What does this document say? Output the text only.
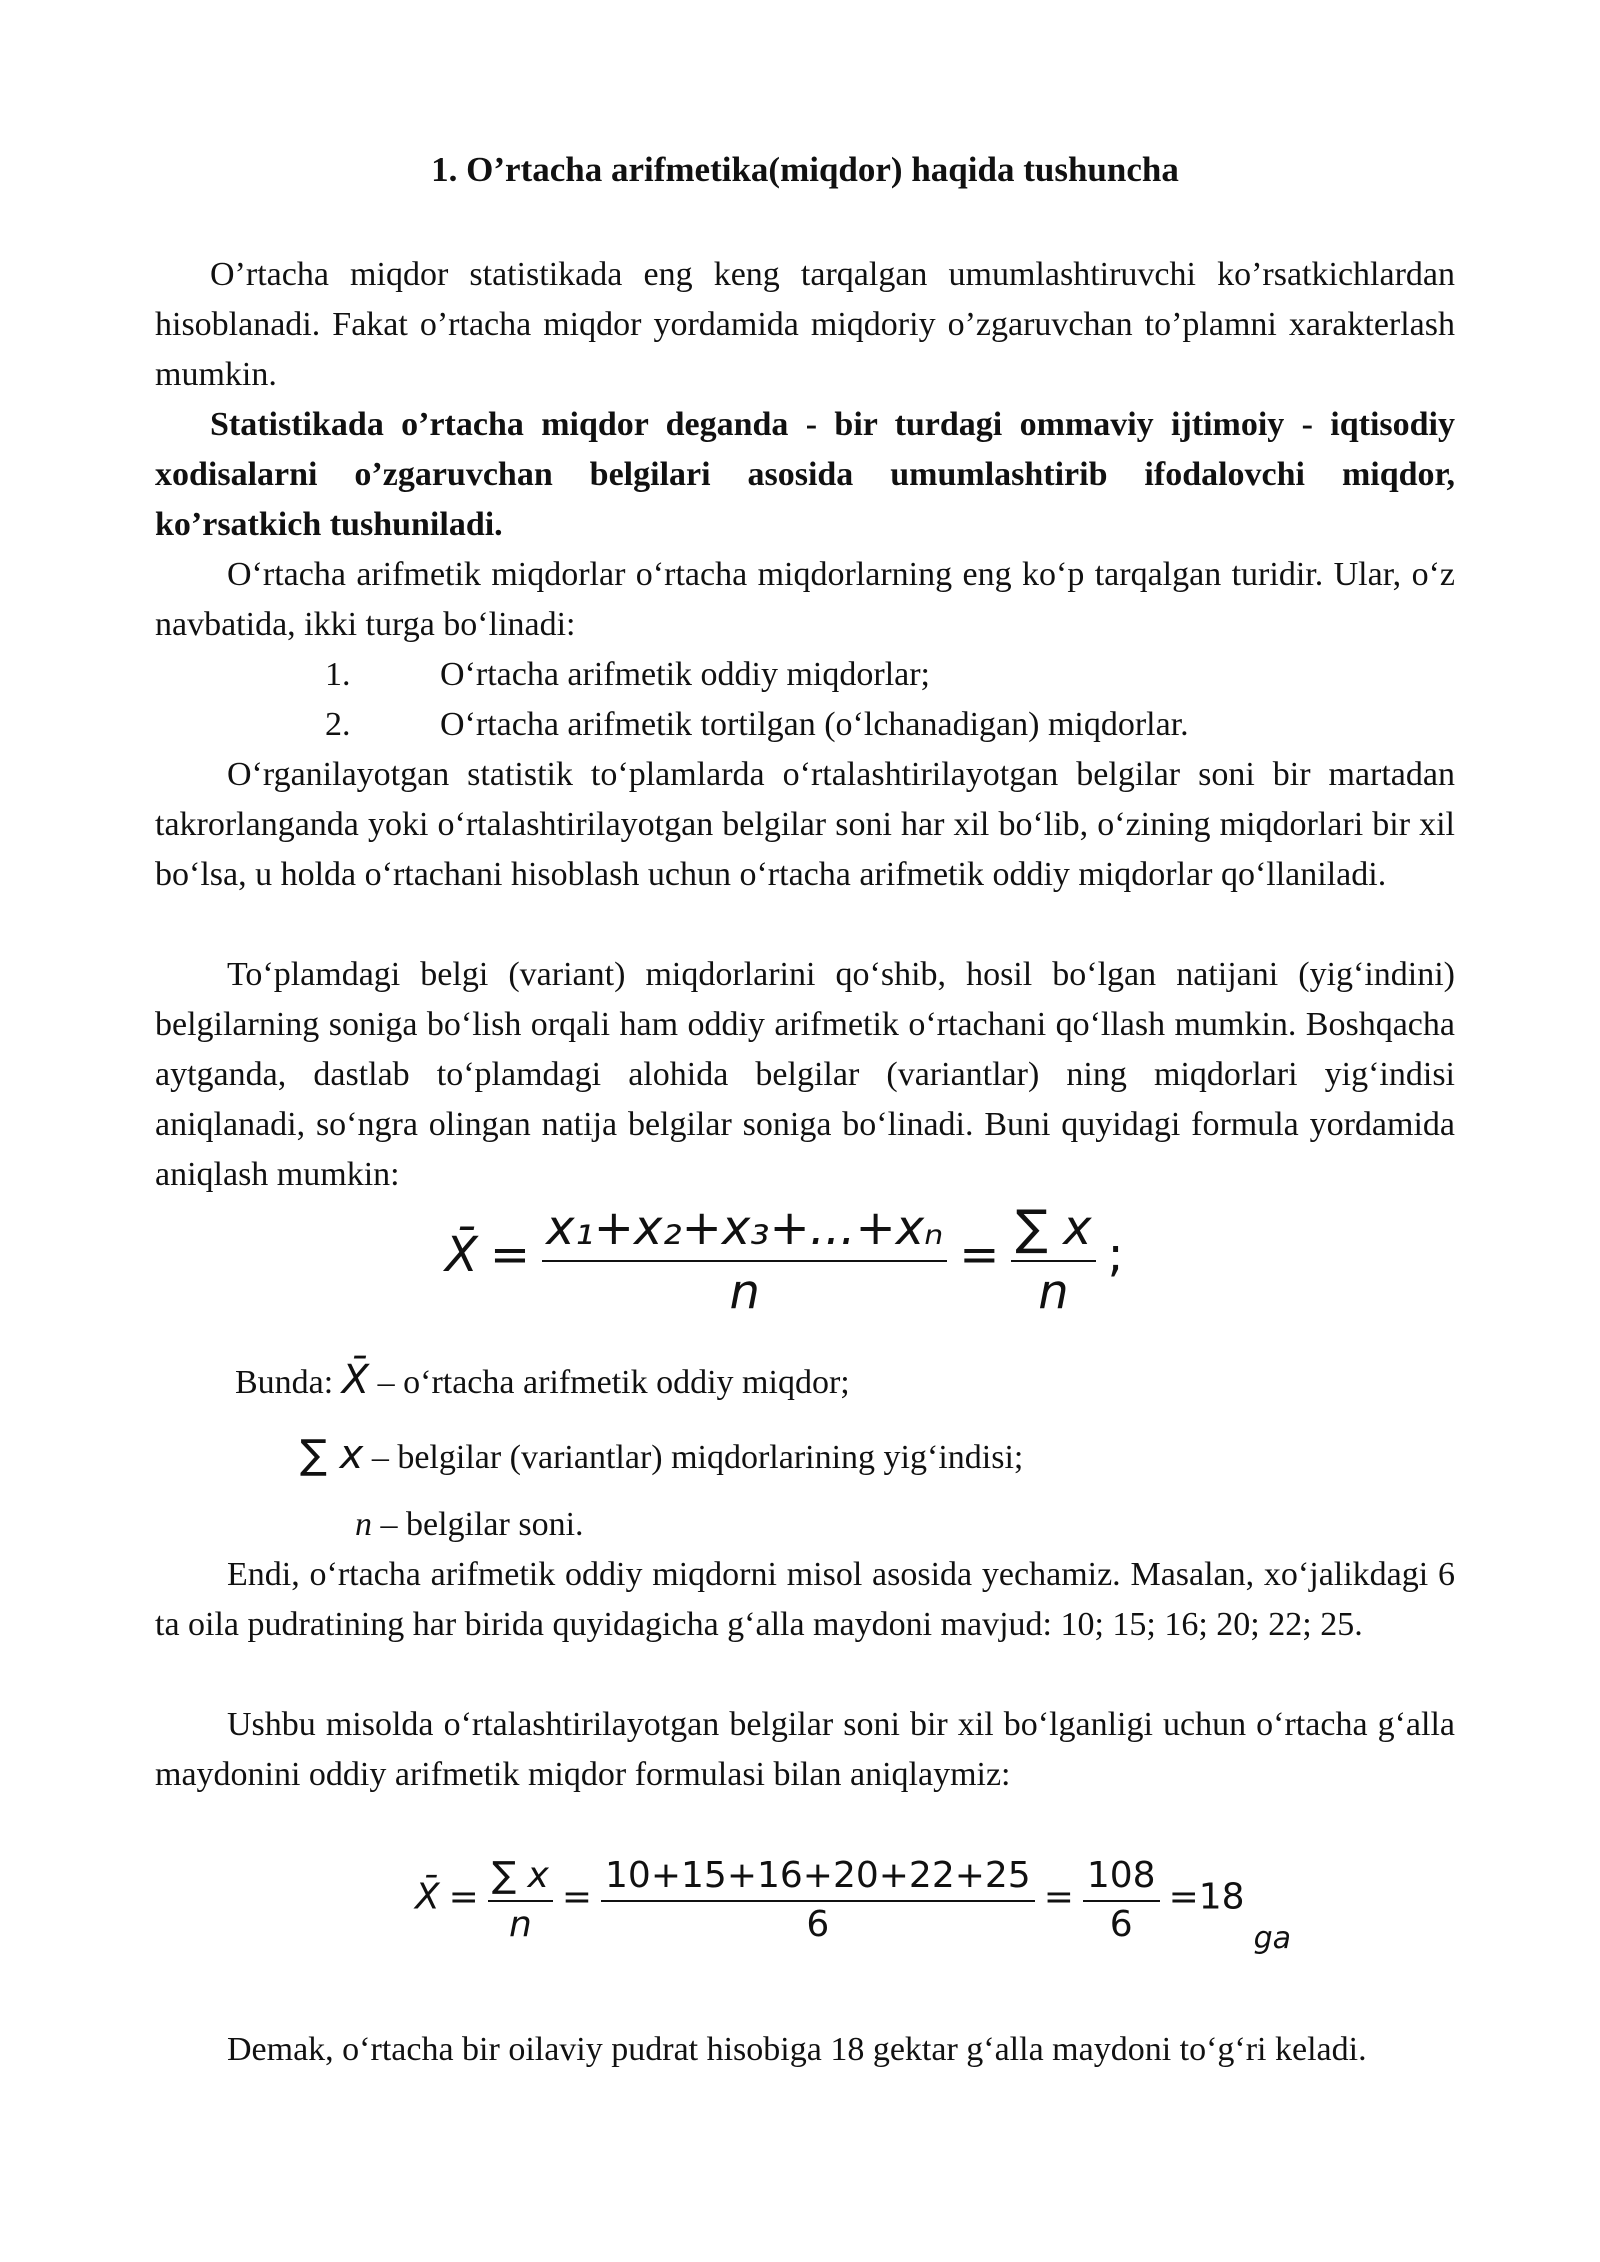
1. O’rtacha arifmetika(miqdor) haqida tushuncha
O’rtacha miqdor statistikada eng keng tarqalgan umumlashtiruvchi ko’rsatkichlardan hisoblanadi. Fakat o’rtacha miqdor yordamida miqdoriy o’zgaruvchan to’plamni xarakterlash mumkin.
Statistikada o’rtacha miqdor deganda - bir turdagi ommaviy ijtimoiy - iqtisodiy xodisalarni o’zgaruvchan belgilari asosida umumlashtirib ifodalovchi miqdor, ko’rsatkich tushuniladi.
O‘rtacha arifmetik miqdorlar o‘rtacha miqdorlarning eng ko‘p tarqalgan turidir. Ular, o‘z navbatida, ikki turga bo‘linadi:
1.	O‘rtacha arifmetik oddiy miqdorlar;
2.	O‘rtacha arifmetik tortilgan (o‘lchanadigan) miqdorlar.
O‘rganilayotgan statistik to‘plamlarda o‘rtalashtirilayotgan belgilar soni bir martadan takrorlanganda yoki o‘rtalashtirilayotgan belgilar soni har xil bo‘lib, o‘zining miqdorlari bir xil bo‘lsa, u holda o‘rtachani hisoblash uchun o‘rtacha arifmetik oddiy miqdorlar qo‘llaniladi.
To‘plamdagi belgi (variant) miqdorlarini qo‘shib, hosil bo‘lgan natijani (yig‘indini) belgilarning soniga bo‘lish orqali ham oddiy arifmetik o‘rtachani qo‘llash mumkin. Boshqacha aytganda, dastlab to‘plamdagi alohida belgilar (variantlar) ning miqdorlari yig‘indisi aniqlanadi, so‘ngra olingan natija belgilar soniga bo‘linadi. Buni quyidagi formula yordamida aniqlash mumkin:
X̄ = $\frac{\text{x₁+x₂+x₃+...+xₙ}}{n} = \frac{\sum x}{n}$ ;
Bunda: X̄ – o‘rtacha arifmetik oddiy miqdor;
∑ x – belgilar (variantlar) miqdorlarining yig‘indisi;
n – belgilar soni.
Endi, o‘rtacha arifmetik oddiy miqdorni misol asosida yechamiz. Masalan, xo‘jalikdagi 6 ta oila pudratining har birida quyidagicha g‘alla maydoni mavjud: 10; 15; 16; 20; 22; 25.
Ushbu misolda o‘rtalashtirilayotgan belgilar soni bir xil bo‘lganligi uchun o‘rtacha g‘alla maydonini oddiy arifmetik miqdor formulasi bilan aniqlaymiz:
X̄ = $\frac{\sum x}{n} = \frac{10+15+16+20+22+25}{6} = \frac{108}{6} =18$ $_{ga}$
Demak, o‘rtacha bir oilaviy pudrat hisobiga 18 gektar g‘alla maydoni to‘g‘ri keladi.
